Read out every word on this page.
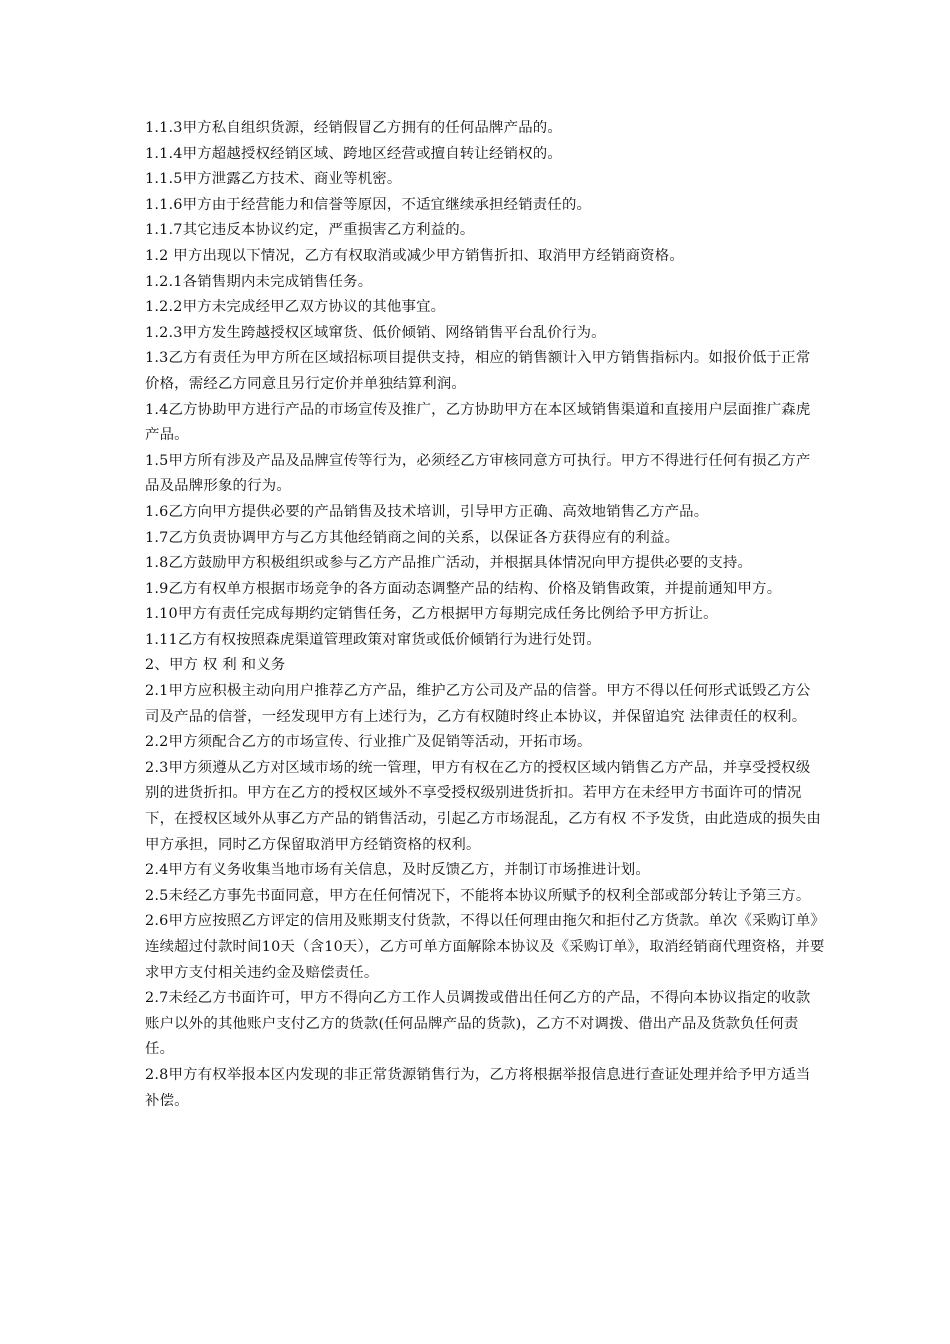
1.1.3甲方私自组织货源，经销假冒乙方拥有的任何品牌产品的。

1.1.4甲方超越授权经销区域、跨地区经营或擅自转让经销权的。

1.1.5甲方泄露乙方技术、商业等机密。

1.1.6甲方由于经营能力和信誉等原因，不适宜继续承担经销责任的。

1.1.7其它违反本协议约定，严重损害乙方利益的。

1.2 甲方出现以下情况，乙方有权取消或减少甲方销售折扣、取消甲方经销商资格。

1.2.1各销售期内未完成销售任务。

1.2.2甲方未完成经甲乙双方协议的其他事宜。

1.2.3甲方发生跨越授权区域窜货、低价倾销、网络销售平台乱价行为。

1.3乙方有责任为甲方所在区域招标项目提供支持，相应的销售额计入甲方销售指标内。如报价低于正常价格，需经乙方同意且另行定价并单独结算利润。

1.4乙方协助甲方进行产品的市场宣传及推广，乙方协助甲方在本区域销售渠道和直接用户层面推广森虎产品。

1.5甲方所有涉及产品及品牌宣传等行为，必须经乙方审核同意方可执行。甲方不得进行任何有损乙方产品及品牌形象的行为。

1.6乙方向甲方提供必要的产品销售及技术培训，引导甲方正确、高效地销售乙方产品。

1.7乙方负责协调甲方与乙方其他经销商之间的关系，以保证各方获得应有的利益。

1.8乙方鼓励甲方积极组织或参与乙方产品推广活动，并根据具体情况向甲方提供必要的支持。

1.9乙方有权单方根据市场竞争的各方面动态调整产品的结构、价格及销售政策，并提前通知甲方。

1.10甲方有责任完成每期约定销售任务，乙方根据甲方每期完成任务比例给予甲方折让。

1.11乙方有权按照森虎渠道管理政策对窜货或低价倾销行为进行处罚。

2、甲方 权 利 和义务

2.1甲方应积极主动向用户推荐乙方产品，维护乙方公司及产品的信誉。甲方不得以任何形式诋毁乙方公司及产品的信誉，一经发现甲方有上述行为，乙方有权随时终止本协议，并保留追究 法律责任的权利。

2.2甲方须配合乙方的市场宣传、行业推广及促销等活动，开拓市场。

2.3甲方须遵从乙方对区域市场的统一管理，甲方有权在乙方的授权区域内销售乙方产品，并享受授权级别的进货折扣。甲方在乙方的授权区域外不享受授权级别进货折扣。若甲方在未经甲方书面许可的情况下，在授权区域外从事乙方产品的销售活动，引起乙方市场混乱，乙方有权 不予发货，由此造成的损失由甲方承担，同时乙方保留取消甲方经销资格的权利。

2.4甲方有义务收集当地市场有关信息，及时反馈乙方，并制订市场推进计划。

2.5未经乙方事先书面同意，甲方在任何情况下，不能将本协议所赋予的权利全部或部分转让予第三方。

2.6甲方应按照乙方评定的信用及账期支付货款，不得以任何理由拖欠和拒付乙方货款。单次《采购订单》连续超过付款时间10天（含10天），乙方可单方面解除本协议及《采购订单》，取消经销商代理资格，并要求甲方支付相关违约金及赔偿责任。

2.7未经乙方书面许可，甲方不得向乙方工作人员调拨或借出任何乙方的产品，不得向本协议指定的收款账户以外的其他账户支付乙方的货款(任何品牌产品的货款)，乙方不对调拨、借出产品及货款负任何责任。

2.8甲方有权举报本区内发现的非正常货源销售行为，乙方将根据举报信息进行查证处理并给予甲方适当补偿。
